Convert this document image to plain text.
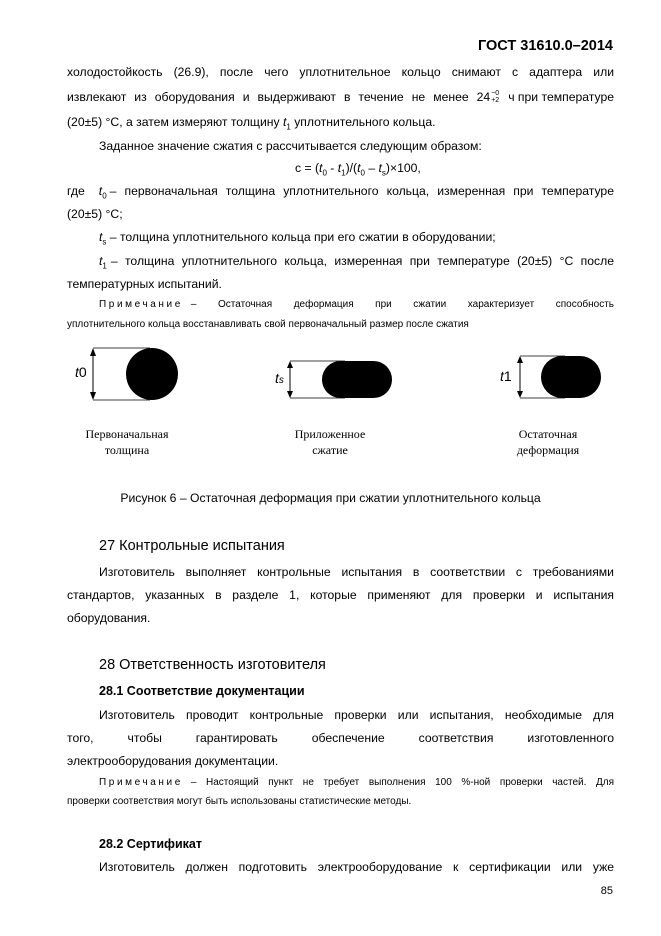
ГОСТ 31610.0–2014
холодостойкость (26.9), после чего уплотнительное кольцо снимают с адаптера или
извлекают из оборудования и выдерживают в течение не менее 24 −0
+2 ч при температуре
(20±5) °С, а затем измеряют толщину $t_1$ уплотнительного кольца.
Заданное значение сжатия с рассчитывается следующим образом:
$c = (t_0 - t_1)/(t_0 - t_s)\times 100$,
где $t_0$ – первоначальная толщина уплотнительного кольца, измеренная при температуре
(20±5) °С;
$t_s$ – толщина уплотнительного кольца при его сжатии в оборудовании;
$t_1$ – толщина уплотнительного кольца, измеренная при температуре (20±5) °С после
температурных испытаний.
Примечание – Остаточная деформация при сжатии характеризует способность
уплотнительного кольца восстанавливать свой первоначальный размер после сжатия
t0	ts	t1
Первоначальная
толщина
Приложенное
сжатие
Остаточная
деформация
Рисунок 6 – Остаточная деформация при сжатии уплотнительного кольца
27 Контрольные испытания
Изготовитель выполняет контрольные испытания в соответствии с требованиями
стандартов, указанных в разделе 1, которые применяют для проверки и испытания
оборудования.
28 Ответственность изготовителя
28.1 Соответствие документации
Изготовитель проводит контрольные проверки или испытания, необходимые для
того, чтобы гарантировать обеспечение соответствия изготовленного
электрооборудования документации.
Примечание – Настоящий пункт не требует выполнения 100 %-ной проверки частей. Для
проверки соответствия могут быть использованы статистические методы.
28.2 Сертификат
Изготовитель должен подготовить электрооборудование к сертификации или уже
85
